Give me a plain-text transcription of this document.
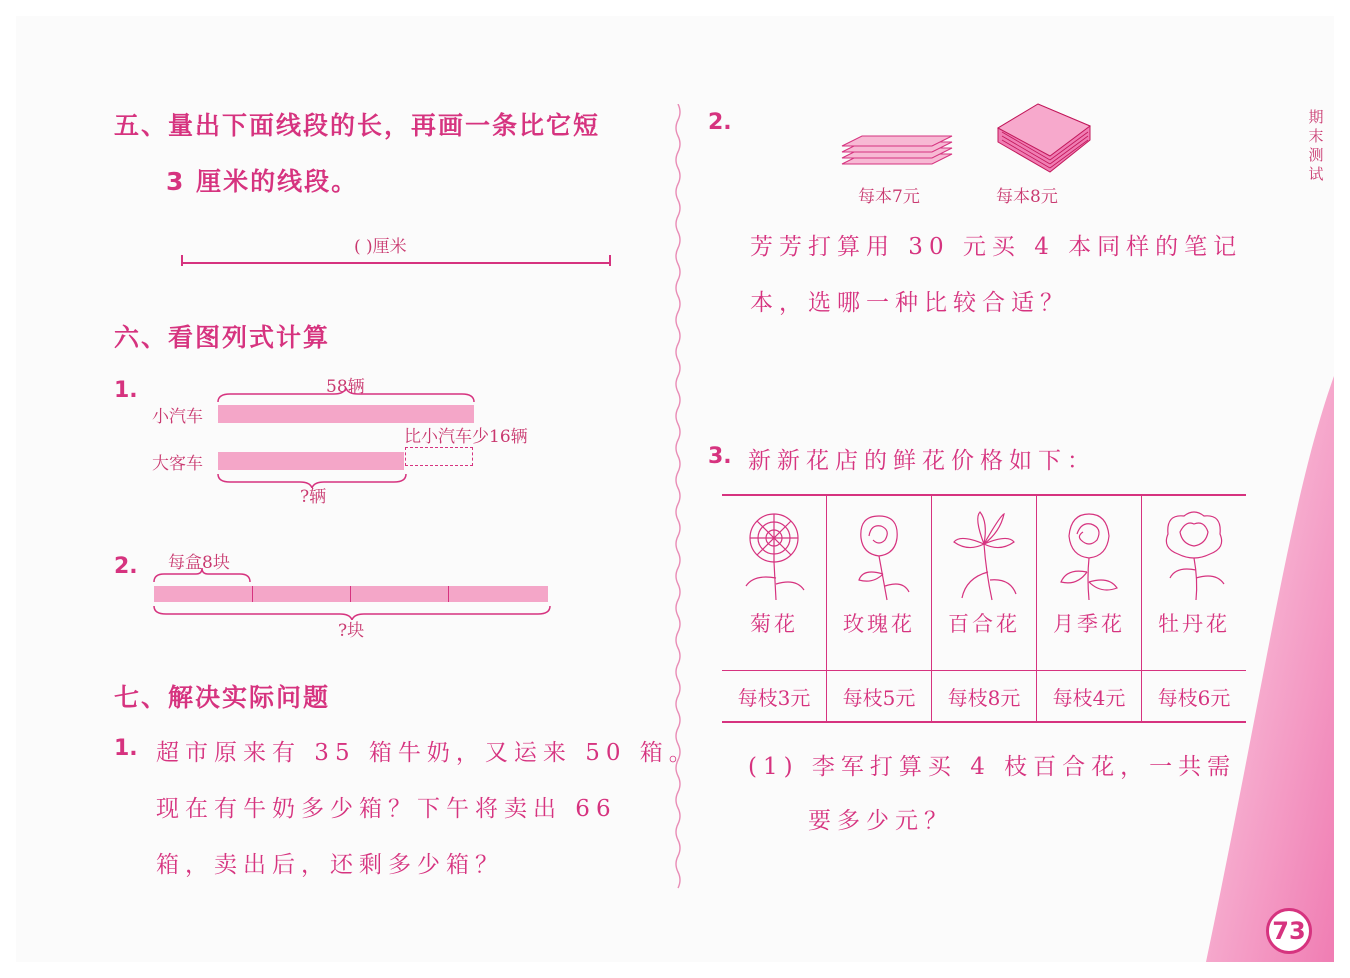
期末测试
73
五、量出下面线段的长，再画一条比它短
3 厘米的线段。
( )厘米
六、看图列式计算
1.	58辆
小汽车
比小汽车少16辆
大客车
?辆
2. 每盒8块
?块
七、解决实际问题
1. 超市原来有 35 箱牛奶，又运来 50 箱。
现在有牛奶多少箱？下午将卖出 66
箱，卖出后，还剩多少箱？
2.
每本7元	每本8元
芳芳打算用 30 元买 4 本同样的笔记
本，选哪一种比较合适？
3. 新新花店的鲜花价格如下：

菊花	玫瑰花	百合花	月季花	牡丹花
每枝3元	每枝5元	每枝8元	每枝4元	每枝6元
(1) 李军打算买 4 枝百合花，一共需
要多少元？
